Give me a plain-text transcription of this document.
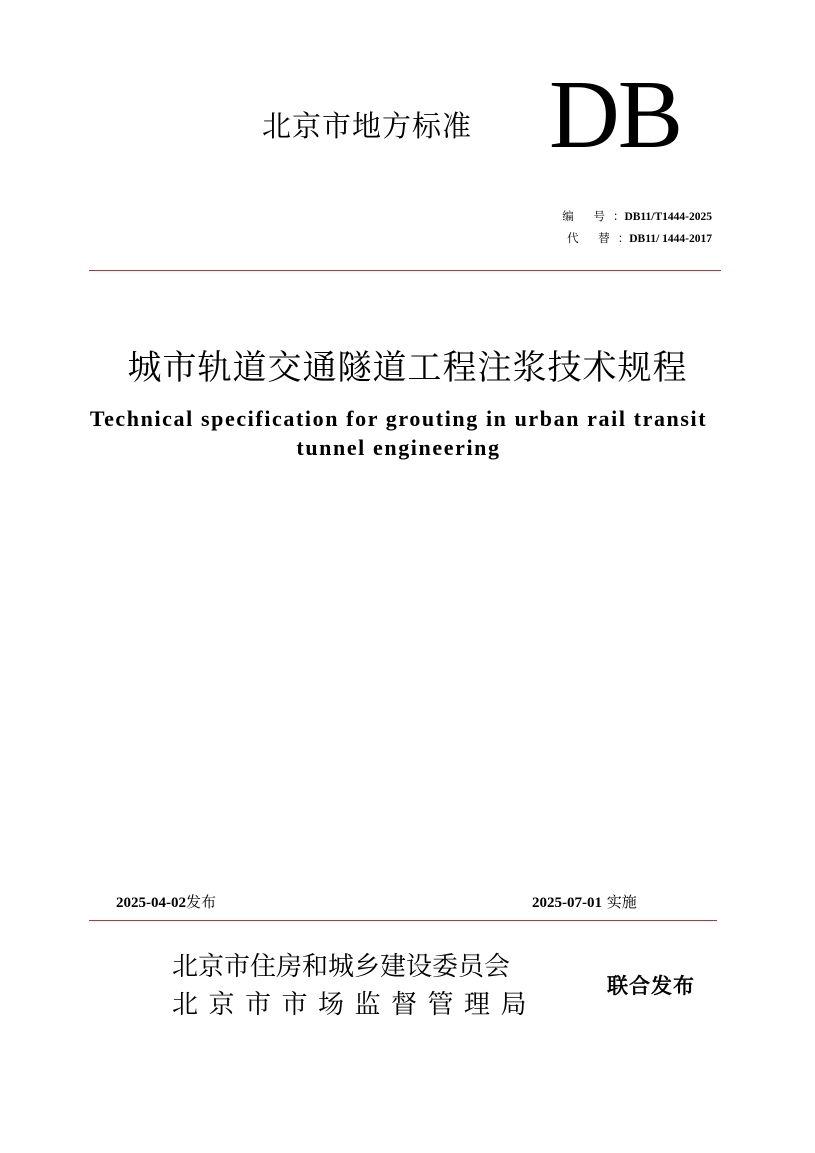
北京市地方标准 DB
编 号：DB11/T1444-2025
代 替：DB11/ 1444-2017
城市轨道交通隧道工程注浆技术规程
Technical specification for grouting in urban rail transit tunnel engineering
2025-04-02发布	2025-07-01 实施
北京市住房和城乡建设委员会
北京市市场监督管理局
联合发布
